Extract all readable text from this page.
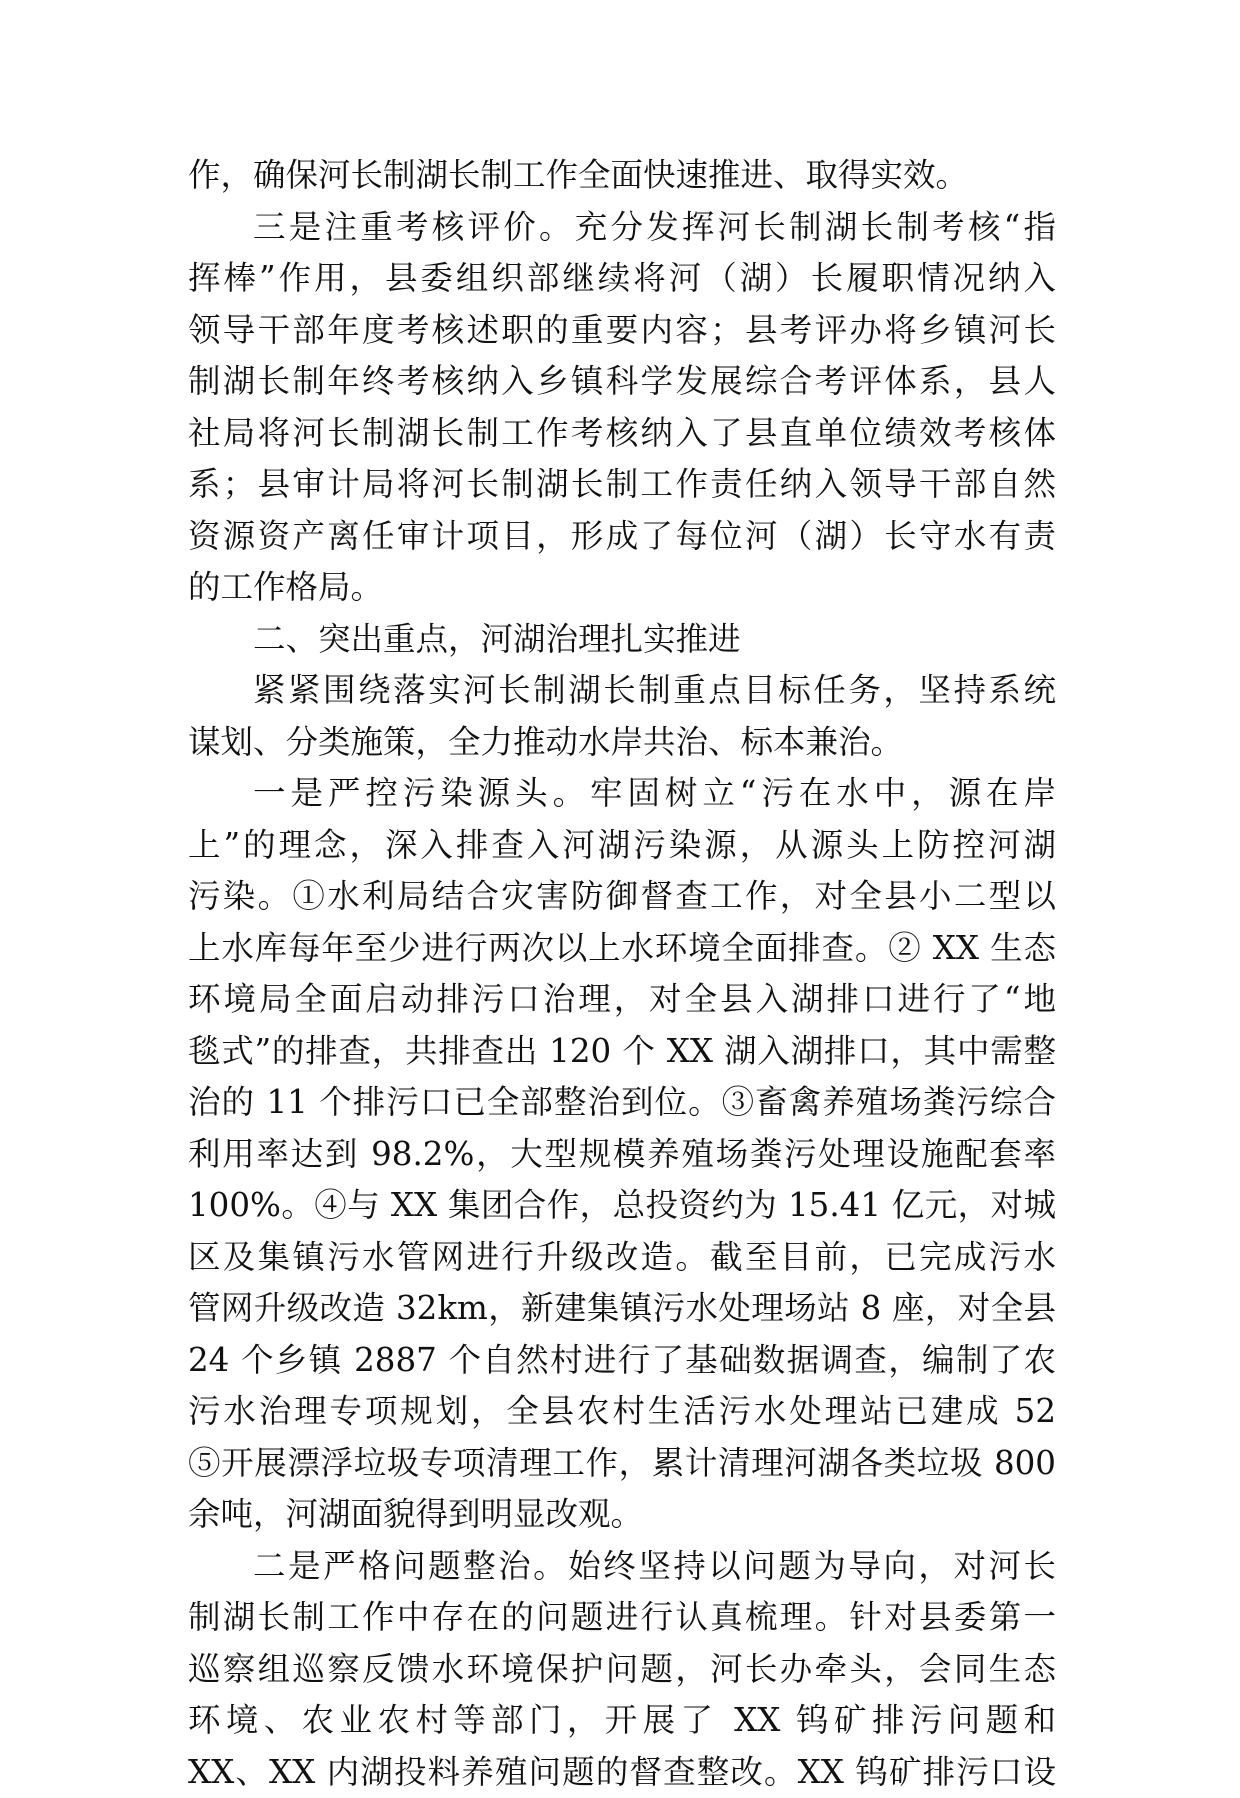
作，确保河长制湖长制工作全面快速推进、取得实效。
三是注重考核评价。充分发挥河长制湖长制考核“指
挥棒”作用，县委组织部继续将河（湖）长履职情况纳入
领导干部年度考核述职的重要内容；县考评办将乡镇河长
制湖长制年终考核纳入乡镇科学发展综合考评体系，县人
社局将河长制湖长制工作考核纳入了县直单位绩效考核体
系；县审计局将河长制湖长制工作责任纳入领导干部自然
资源资产离任审计项目，形成了每位河（湖）长守水有责
的工作格局。
二、突出重点，河湖治理扎实推进
紧紧围绕落实河长制湖长制重点目标任务，坚持系统
谋划、分类施策，全力推动水岸共治、标本兼治。
一是严控污染源头。牢固树立“污在水中，源在岸
上”的理念，深入排查入河湖污染源，从源头上防控河湖
污染。①水利局结合灾害防御督查工作，对全县小二型以
上水库每年至少进行两次以上水环境全面排查。② XX 生态
环境局全面启动排污口治理，对全县入湖排口进行了“地
毯式”的排查，共排查出 120 个 XX 湖入湖排口，其中需整
治的 11 个排污口已全部整治到位。③畜禽养殖场粪污综合
利用率达到 98.2%，大型规模养殖场粪污处理设施配套率
100%。④与 XX 集团合作，总投资约为 15.41 亿元，对城
区及集镇污水管网进行升级改造。截至目前，已完成污水
管网升级改造 32km，新建集镇污水处理场站 8 座，对全县
24 个乡镇 2887 个自然村进行了基础数据调查，编制了农
污水治理专项规划，全县农村生活污水处理站已建成 52
⑤开展漂浮垃圾专项清理工作，累计清理河湖各类垃圾 800
余吨，河湖面貌得到明显改观。
二是严格问题整治。始终坚持以问题为导向，对河长
制湖长制工作中存在的问题进行认真梳理。针对县委第一
巡察组巡察反馈水环境保护问题，河长办牵头，会同生态
环境、农业农村等部门，开展了 XX 钨矿排污问题和
XX、XX 内湖投料养殖问题的督查整改。XX 钨矿排污口设
